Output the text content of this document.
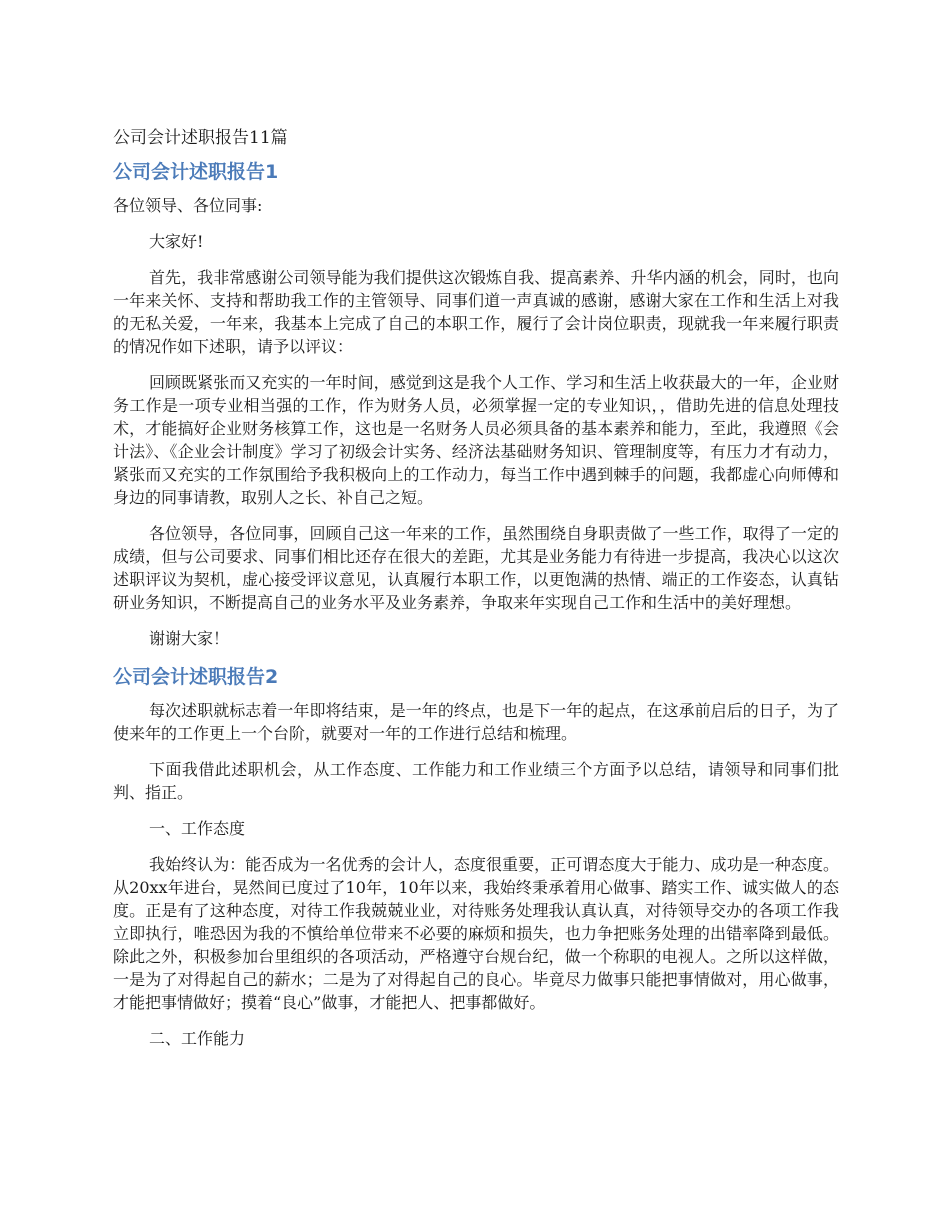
公司会计述职报告11篇
公司会计述职报告1

各位领导、各位同事:

大家好!

首先，我非常感谢公司领导能为我们提供这次锻炼自我、提高素养、升华内涵的机会，同时，也向一年来关怀、支持和帮助我工作的主管领导、同事们道一声真诚的感谢，感谢大家在工作和生活上对我的无私关爱，一年来，我基本上完成了自己的本职工作，履行了会计岗位职责，现就我一年来履行职责的情况作如下述职，请予以评议：

回顾既紧张而又充实的一年时间，感觉到这是我个人工作、学习和生活上收获最大的一年，企业财务工作是一项专业相当强的工作，作为财务人员，必须掌握一定的专业知识，，借助先进的信息处理技术，才能搞好企业财务核算工作，这也是一名财务人员必须具备的基本素养和能力，至此，我遵照《会计法》、《企业会计制度》学习了初级会计实务、经济法基础财务知识、管理制度等，有压力才有动力，紧张而又充实的工作氛围给予我积极向上的工作动力，每当工作中遇到棘手的问题，我都虚心向师傅和身边的同事请教，取别人之长、补自己之短。

各位领导，各位同事，回顾自己这一年来的工作，虽然围绕自身职责做了一些工作，取得了一定的成绩，但与公司要求、同事们相比还存在很大的差距，尤其是业务能力有待进一步提高，我决心以这次述职评议为契机，虚心接受评议意见，认真履行本职工作，以更饱满的热情、端正的工作姿态，认真钻研业务知识，不断提高自己的业务水平及业务素养，争取来年实现自己工作和生活中的美好理想。

谢谢大家！

公司会计述职报告2

每次述职就标志着一年即将结束，是一年的终点，也是下一年的起点，在这承前启后的日子，为了使来年的工作更上一个台阶，就要对一年的工作进行总结和梳理。

下面我借此述职机会，从工作态度、工作能力和工作业绩三个方面予以总结，请领导和同事们批判、指正。

一、工作态度

我始终认为：能否成为一名优秀的会计人，态度很重要，正可谓态度大于能力、成功是一种态度。从20xx年进台，晃然间已度过了10年，10年以来，我始终秉承着用心做事、踏实工作、诚实做人的态度。正是有了这种态度，对待工作我兢兢业业，对待账务处理我认真认真，对待领导交办的各项工作我立即执行，唯恐因为我的不慎给单位带来不必要的麻烦和损失，也力争把账务处理的出错率降到最低。除此之外，积极参加台里组织的各项活动，严格遵守台规台纪，做一个称职的电视人。之所以这样做，一是为了对得起自己的薪水；二是为了对得起自己的良心。毕竟尽力做事只能把事情做对，用心做事，才能把事情做好；摸着“良心”做事，才能把人、把事都做好。

二、工作能力
